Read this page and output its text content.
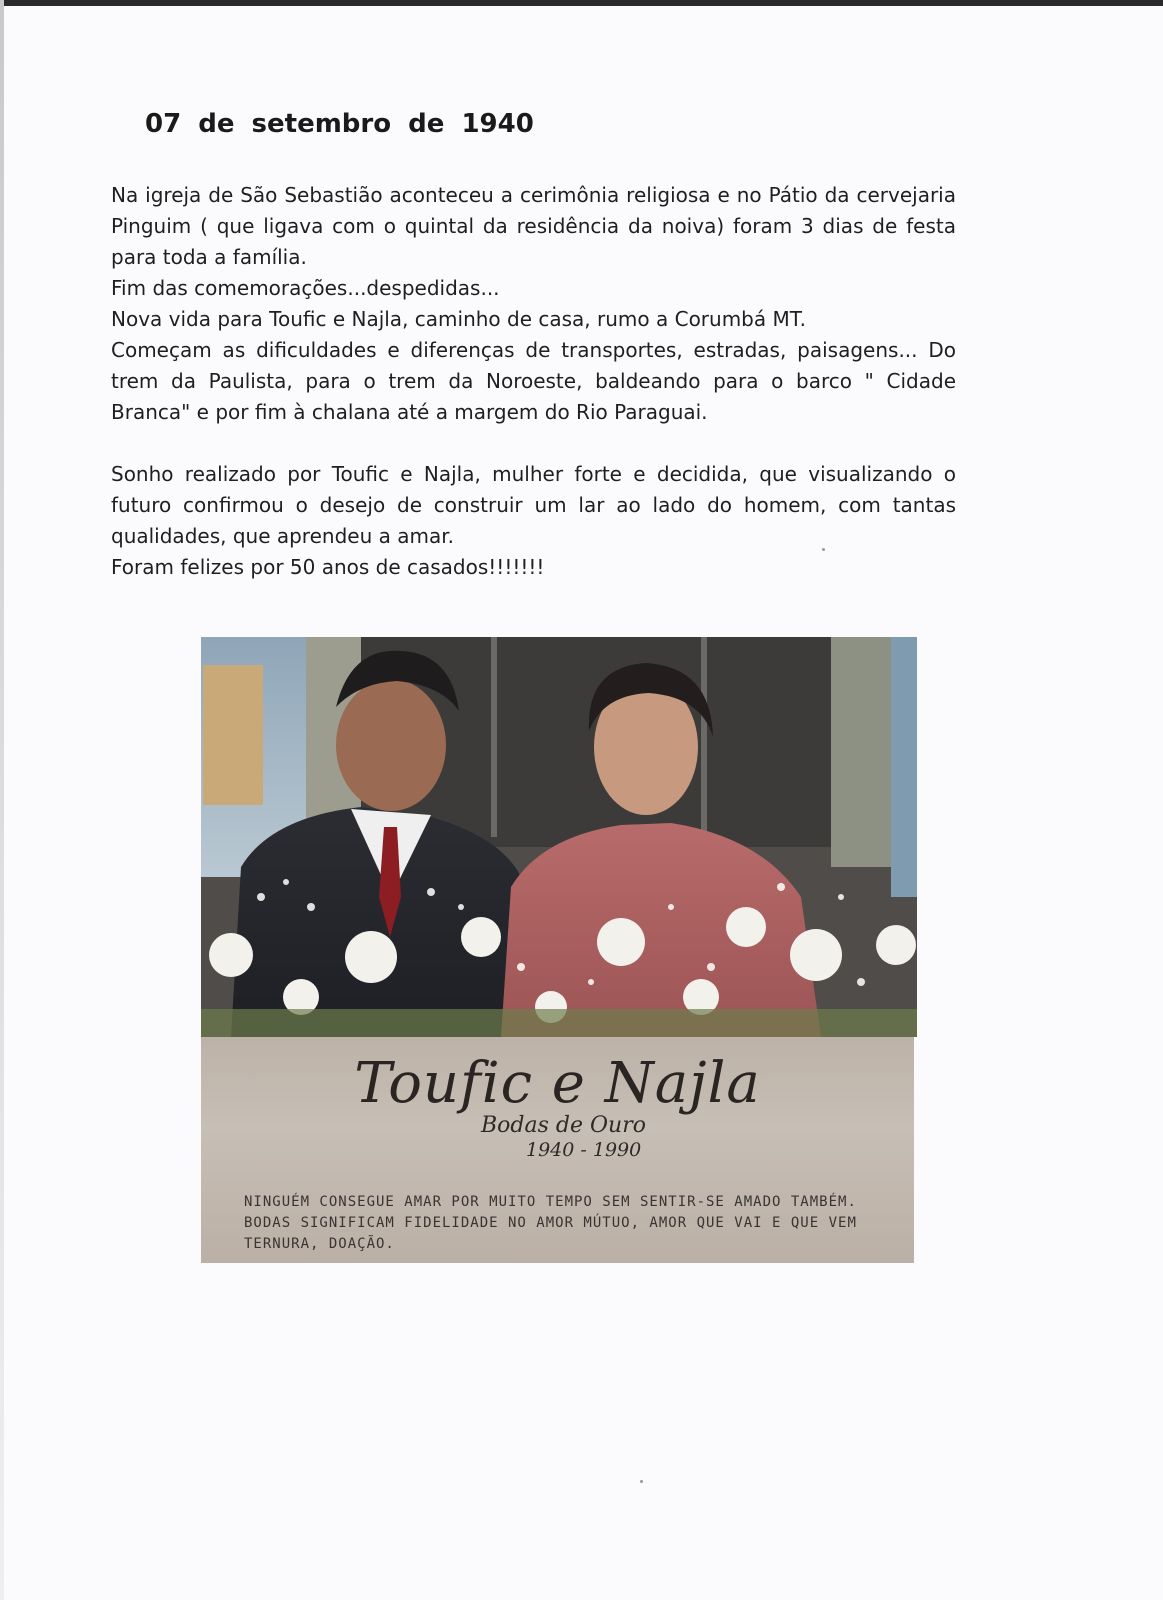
07 de setembro de 1940

Na igreja de São Sebastião aconteceu a cerimônia religiosa e no Pátio da cervejaria Pinguim ( que ligava com o quintal da residência da noiva) foram 3 dias de festa para toda a família.

Fim das comemorações...despedidas...

Nova vida para Toufic e Najla, caminho de casa, rumo a Corumbá MT.

Começam as dificuldades e diferenças de transportes, estradas, paisagens... Do trem da Paulista, para o trem da Noroeste, baldeando para o barco " Cidade Branca" e por fim à chalana até a margem do Rio Paraguai.

Sonho realizado por Toufic e Najla, mulher forte e decidida, que visualizando o futuro confirmou o desejo de construir um lar ao lado do homem, com tantas qualidades, que aprendeu a amar.

Foram felizes por 50 anos de casados!!!!!!!

Toufic e Najla
Bodas de Ouro
1940 - 1990
NINGUÉM CONSEGUE AMAR POR MUITO TEMPO SEM SENTIR-SE AMADO TAMBÉM. BODAS SIGNIFICAM FIDELIDADE NO AMOR MÚTUO, AMOR QUE VAI E QUE VEM TERNURA, DOAÇÃO.
